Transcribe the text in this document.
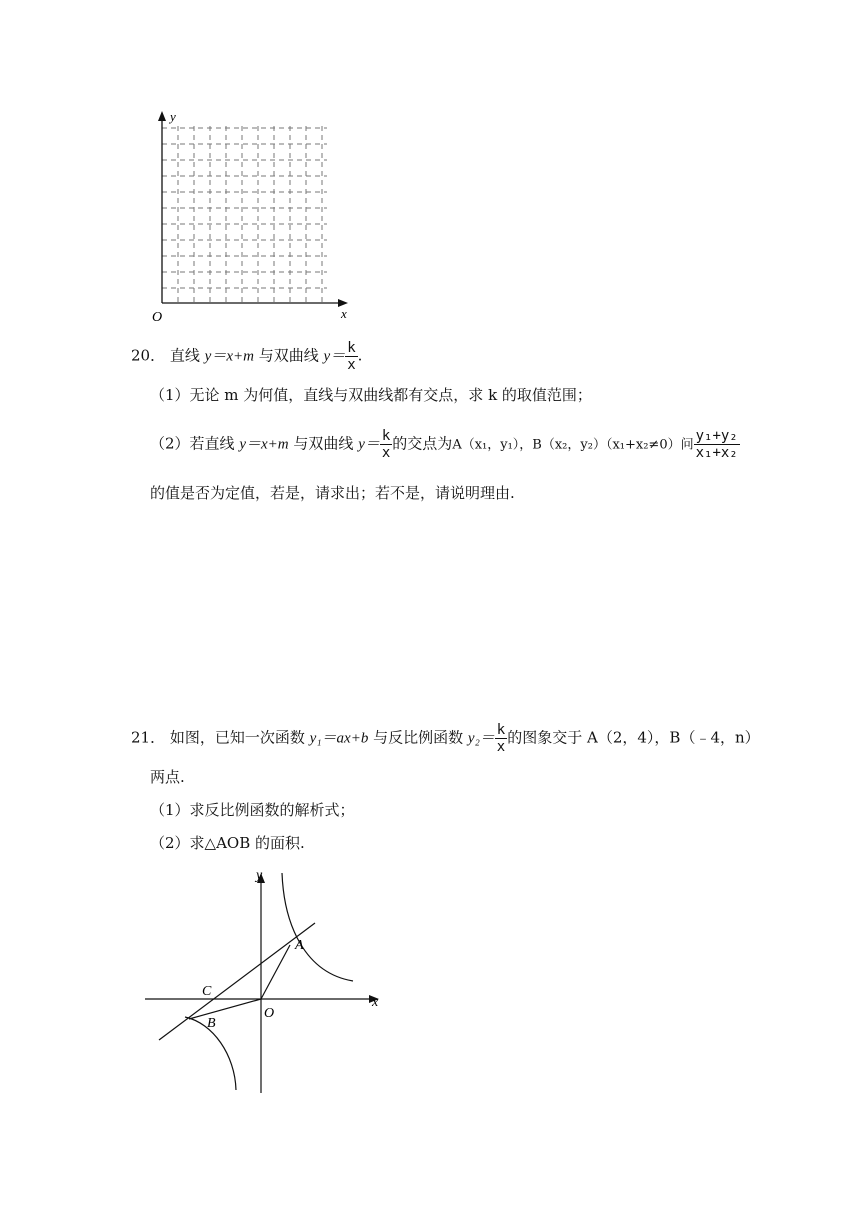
y
x
O
20． 直线 y＝x+m 与双曲线 $y= \frac{k}{x}$ .
（1）无论 m 为何值，直线与双曲线都有交点，求 k 的取值范围；
（2）若直线 y＝x+m 与双曲线 $y= \frac{k}{x}$ 的交点为A（x₁，y₁），B（x₂，y₂）（x₁+x₂≠0）问 $\frac{\text{y₁+y₂}}{\text{x₁+x₂}}$
的值是否为定值，若是，请求出；若不是，请说明理由.
21． 如图，已知一次函数 y₁＝ax+b 与反比例函数 $y_2= \frac{k}{x}$ 的图象交于 A（2，4），B（﹣4，n）
两点.
（1）求反比例函数的解析式；
（2）求△AOB 的面积.
y
x
O
A
B
C
